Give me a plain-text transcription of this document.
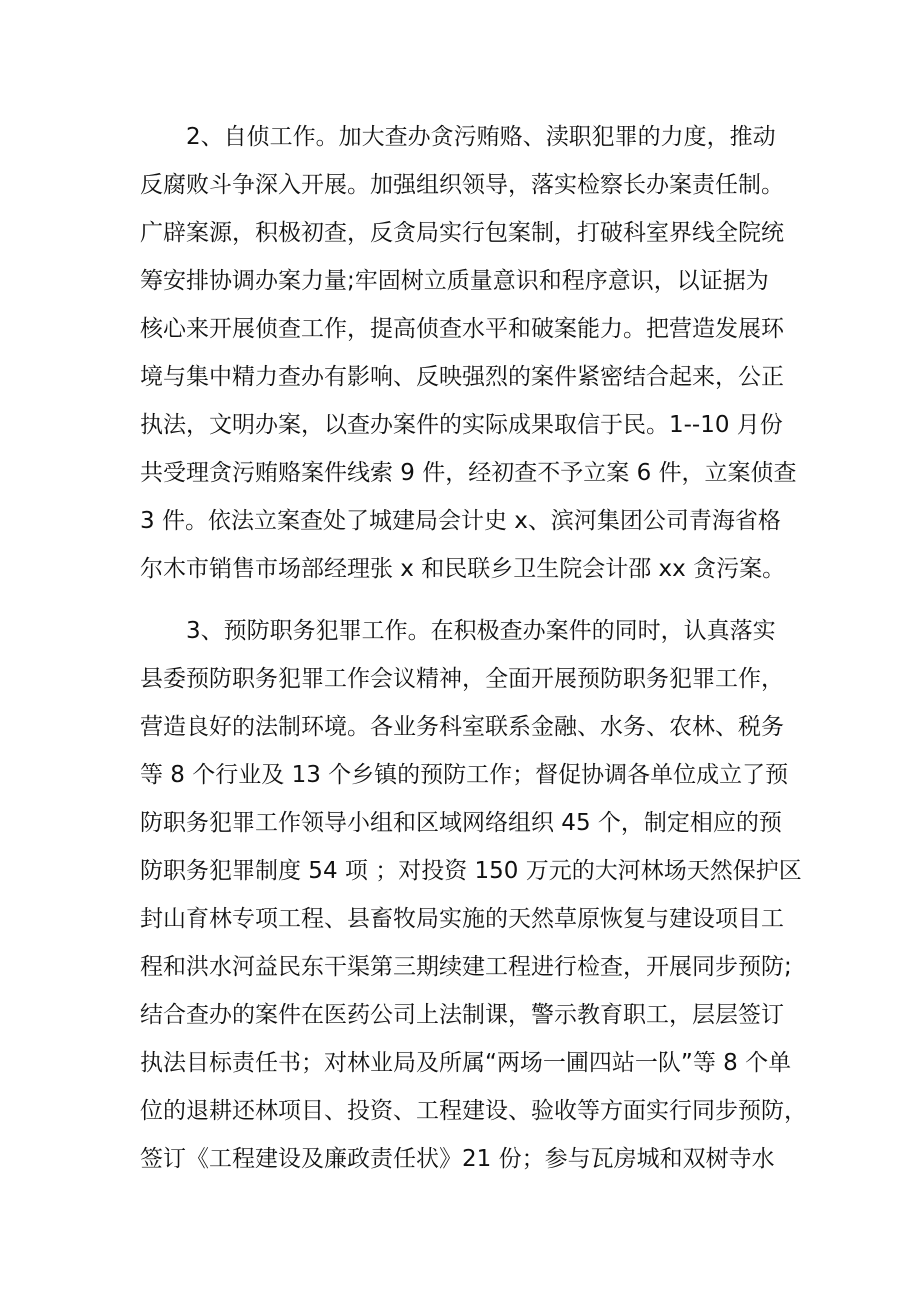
2、自侦工作。加大查办贪污贿赂、渎职犯罪的力度，推动
反腐败斗争深入开展。加强组织领导，落实检察长办案责任制。
广辟案源，积极初查，反贪局实行包案制，打破科室界线全院统
筹安排协调办案力量;牢固树立质量意识和程序意识，以证据为
核心来开展侦查工作，提高侦查水平和破案能力。把营造发展环
境与集中精力查办有影响、反映强烈的案件紧密结合起来，公正
执法，文明办案，以查办案件的实际成果取信于民。1--10 月份
共受理贪污贿赂案件线索 9 件，经初查不予立案 6 件，立案侦查
3 件。依法立案查处了城建局会计史 x、滨河集团公司青海省格
尔木市销售市场部经理张 x 和民联乡卫生院会计邵 xx 贪污案。
3、预防职务犯罪工作。在积极查办案件的同时，认真落实
县委预防职务犯罪工作会议精神，全面开展预防职务犯罪工作，
营造良好的法制环境。各业务科室联系金融、水务、农林、税务
等 8 个行业及 13 个乡镇的预防工作；督促协调各单位成立了预
防职务犯罪工作领导小组和区域网络组织 45 个，制定相应的预
防职务犯罪制度 54 项 ；对投资 150 万元的大河林场天然保护区
封山育林专项工程、县畜牧局实施的天然草原恢复与建设项目工
程和洪水河益民东干渠第三期续建工程进行检查，开展同步预防;
结合查办的案件在医药公司上法制课，警示教育职工，层层签订
执法目标责任书；对林业局及所属“两场一圃四站一队”等 8 个单
位的退耕还林项目、投资、工程建设、验收等方面实行同步预防，
签订《工程建设及廉政责任状》21 份；参与瓦房城和双树寺水
